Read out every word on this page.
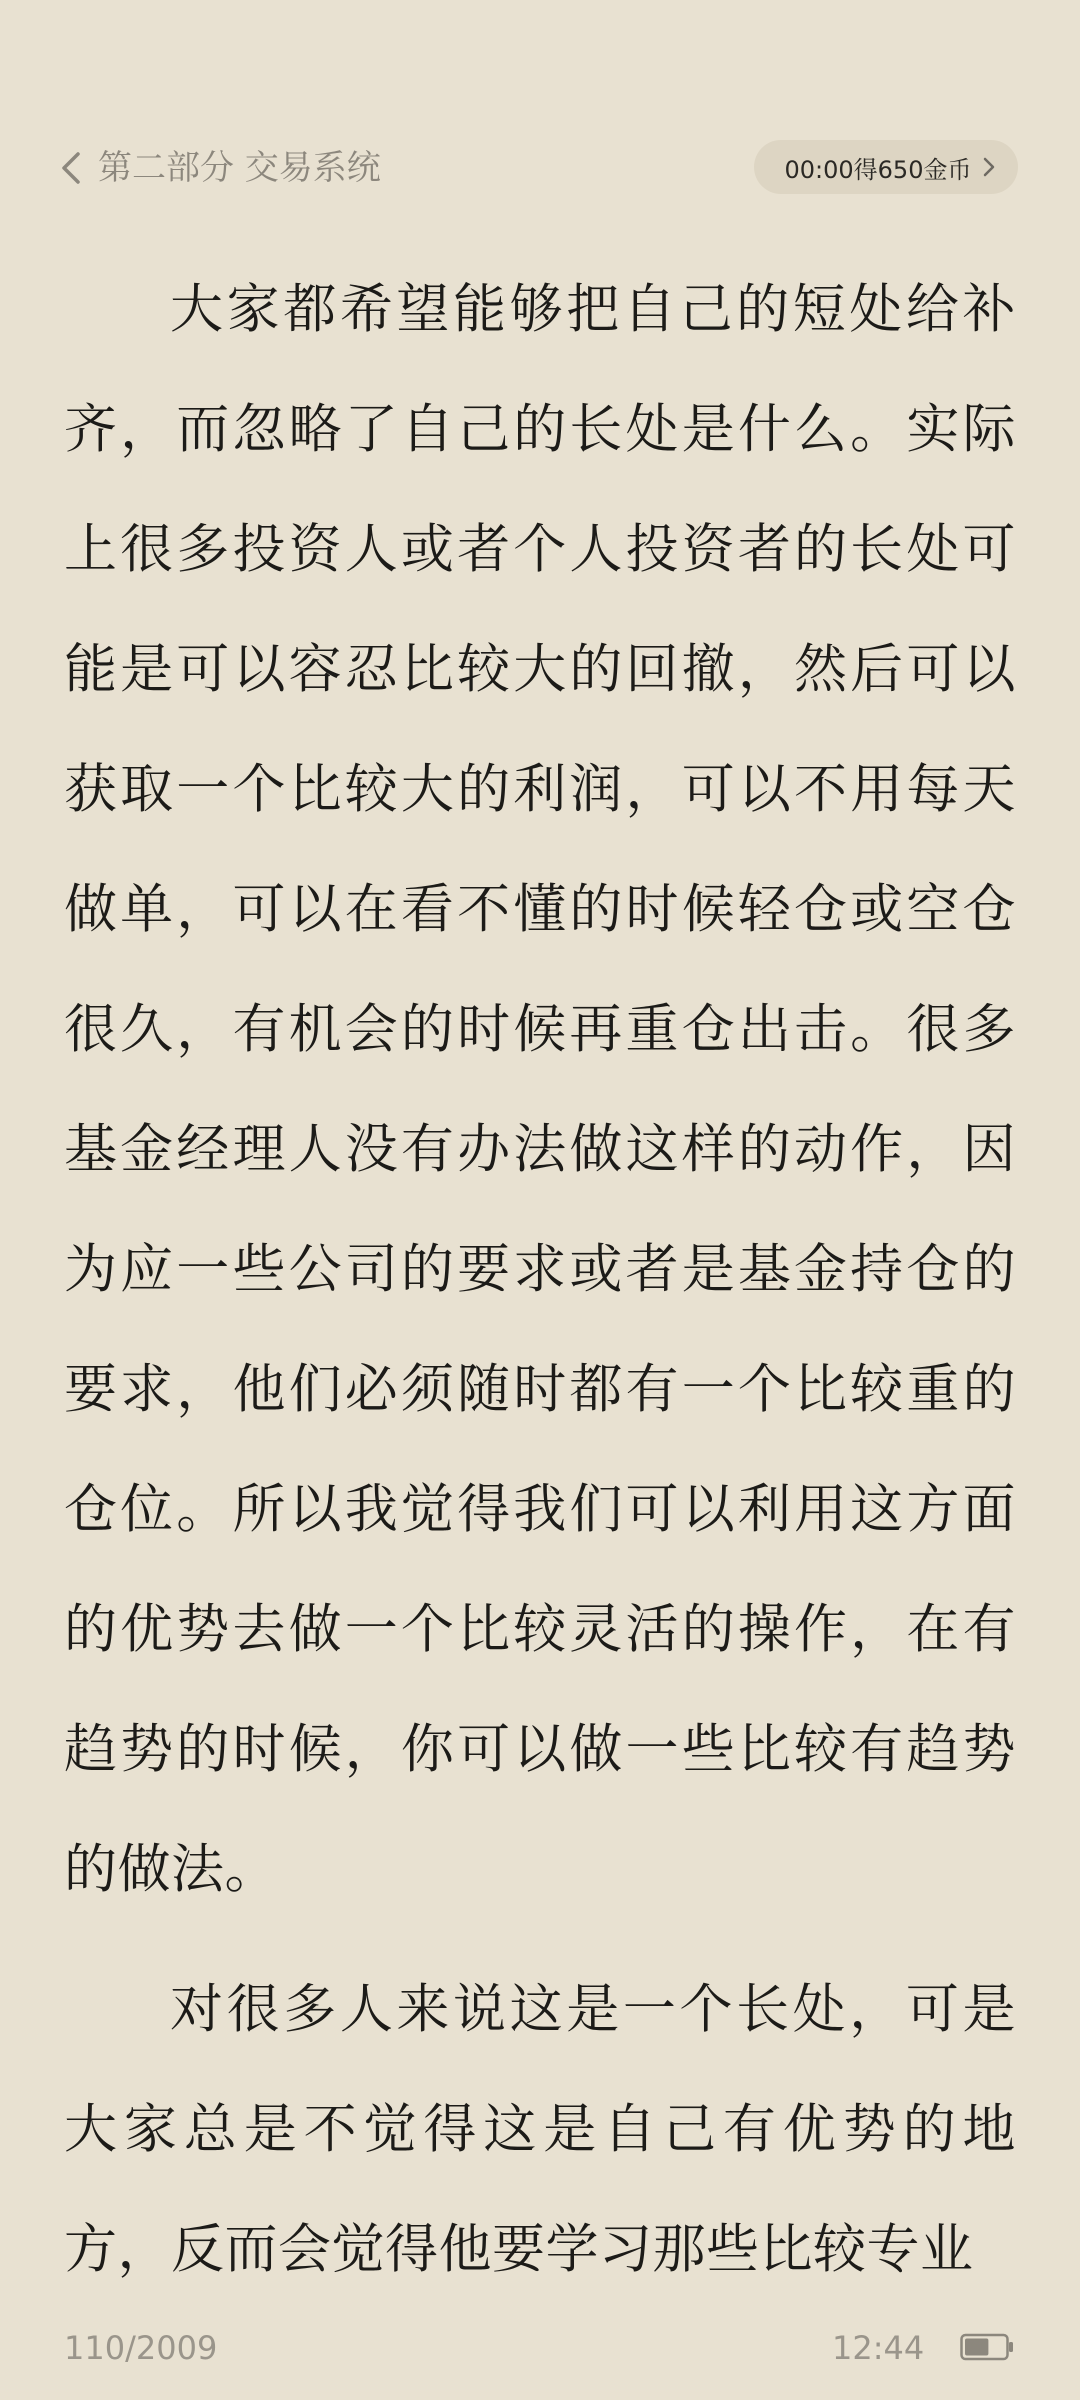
第二部分 交易系统	00:00得650金币

大家都希望能够把自己的短处给补齐，而忽略了自己的长处是什么。实际上很多投资人或者个人投资者的长处可能是可以容忍比较大的回撤，然后可以获取一个比较大的利润，可以不用每天做单，可以在看不懂的时候轻仓或空仓很久，有机会的时候再重仓出击。很多基金经理人没有办法做这样的动作，因为应一些公司的要求或者是基金持仓的要求，他们必须随时都有一个比较重的仓位。所以我觉得我们可以利用这方面的优势去做一个比较灵活的操作，在有趋势的时候，你可以做一些比较有趋势的做法。

对很多人来说这是一个长处，可是大家总是不觉得这是自己有优势的地方，反而会觉得他要学习那些比较专业

110/2009	12:44
